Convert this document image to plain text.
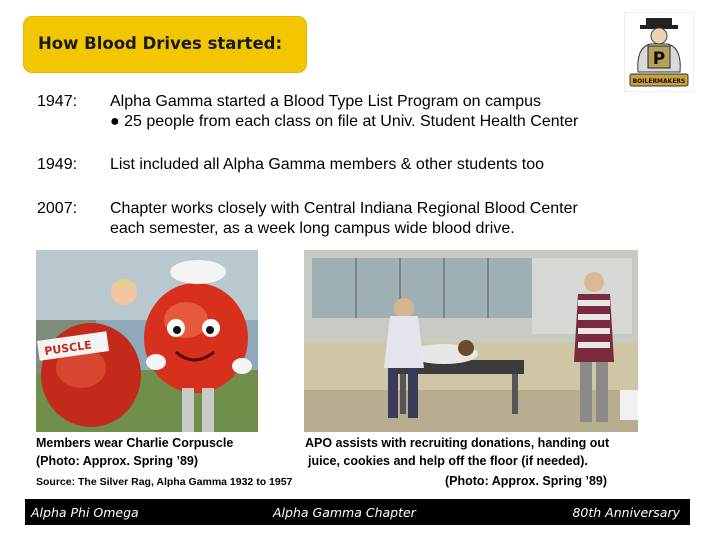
How Blood Drives started:
P
BOILERMAKERS
1947:	Alpha Gamma started a Blood Type List Program on campus
● 25 people from each class on file at Univ. Student Health Center
1949:	List included all Alpha Gamma members & other students too
2007:	Chapter works closely with Central Indiana Regional Blood Center
each semester, as a week long campus wide blood drive.
PUSCLE
Members wear Charlie Corpuscle
(Photo: Approx. Spring ’89)
APO assists with recruiting donations, handing out
juice, cookies and help off the floor (if needed).
Source: The Silver Rag, Alpha Gamma 1932 to 1957	(Photo: Approx. Spring ’89)
Alpha Phi Omega	Alpha Gamma Chapter	80th Anniversary
